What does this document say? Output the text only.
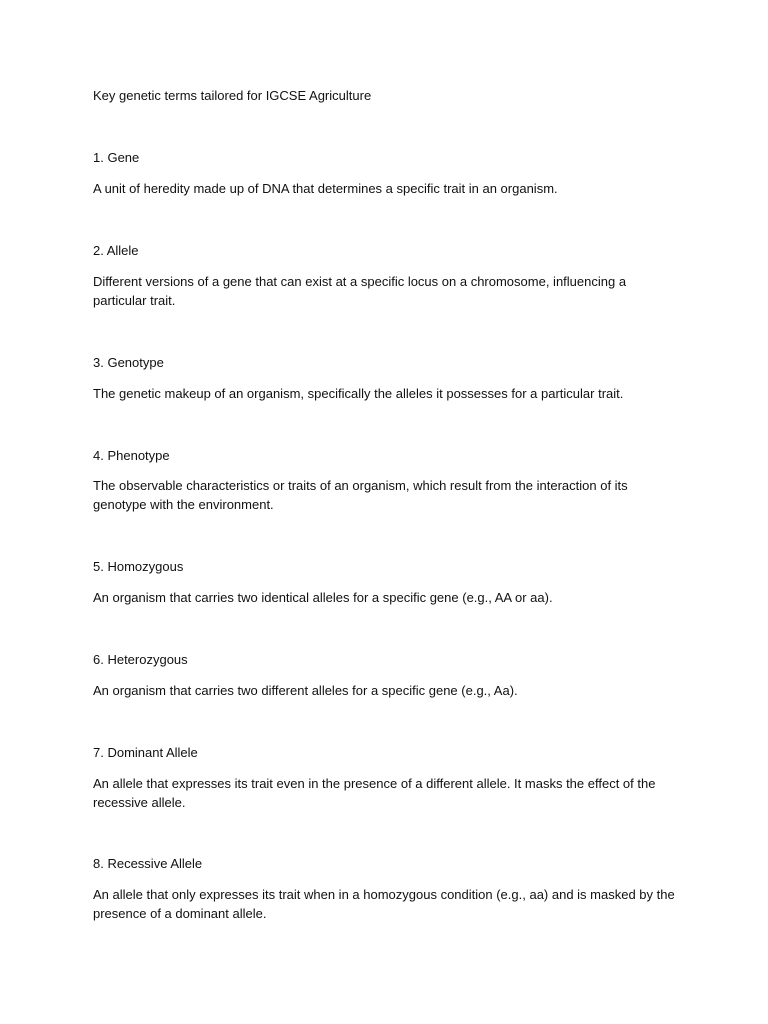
Key genetic terms tailored for IGCSE Agriculture

1. Gene

A unit of heredity made up of DNA that determines a specific trait in an organism.

2. Allele

Different versions of a gene that can exist at a specific locus on a chromosome, influencing a particular trait.

3. Genotype

The genetic makeup of an organism, specifically the alleles it possesses for a particular trait.

4. Phenotype

The observable characteristics or traits of an organism, which result from the interaction of its genotype with the environment.

5. Homozygous

An organism that carries two identical alleles for a specific gene (e.g., AA or aa).

6. Heterozygous

An organism that carries two different alleles for a specific gene (e.g., Aa).

7. Dominant Allele

An allele that expresses its trait even in the presence of a different allele. It masks the effect of the recessive allele.

8. Recessive Allele

An allele that only expresses its trait when in a homozygous condition (e.g., aa) and is masked by the presence of a dominant allele.
